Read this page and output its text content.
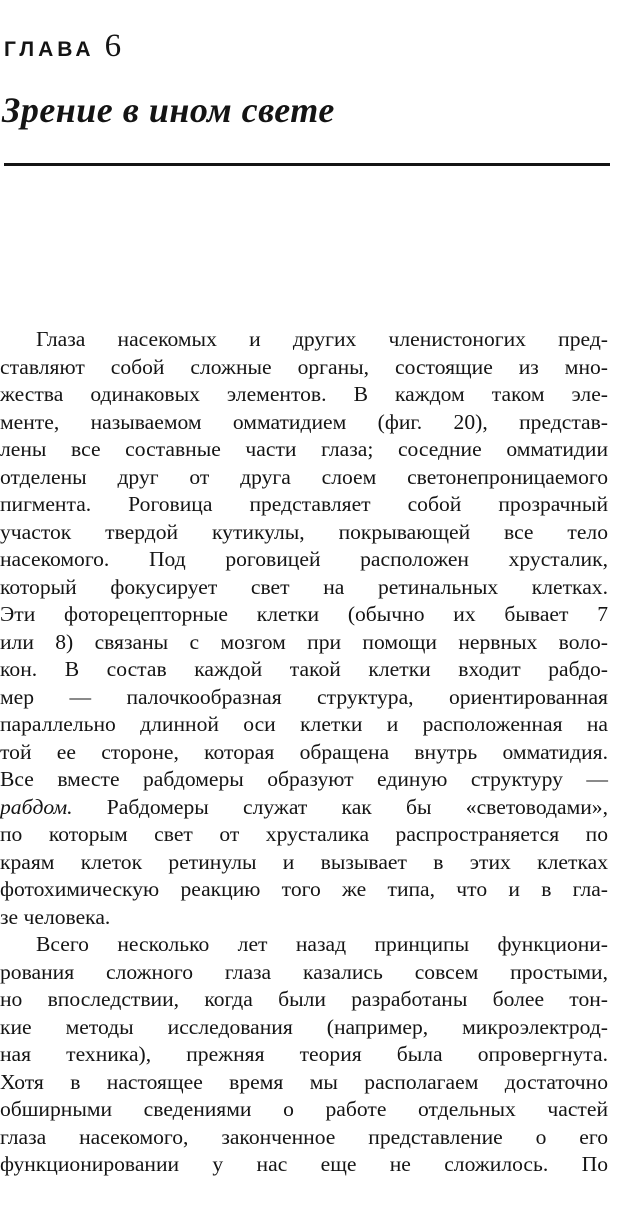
ГЛАВА 6
Зрение в ином свете
Глаза насекомых и других членистоногих пред-
ставляют собой сложные органы, состоящие из мно-
жества одинаковых элементов. В каждом таком эле-
менте, называемом омматидием (фиг. 20), представ-
лены все составные части глаза; соседние омматидии
отделены друг от друга слоем светонепроницаемого
пигмента. Роговица представляет собой прозрачный
участок твердой кутикулы, покрывающей все тело
насекомого. Под роговицей расположен хрусталик,
который фокусирует свет на ретинальных клетках.
Эти фоторецепторные клетки (обычно их бывает 7
или 8) связаны с мозгом при помощи нервных воло-
кон. В состав каждой такой клетки входит рабдо-
мер — палочкообразная структура, ориентированная
параллельно длинной оси клетки и расположенная на
той ее стороне, которая обращена внутрь омматидия.
Все вместе рабдомеры образуют единую структуру —
рабдом. Рабдомеры служат как бы «световодами»,
по которым свет от хрусталика распространяется по
краям клеток ретинулы и вызывает в этих клетках
фотохимическую реакцию того же типа, что и в гла-
зе человека.
Всего несколько лет назад принципы функциони-
рования сложного глаза казались совсем простыми,
но впоследствии, когда были разработаны более тон-
кие методы исследования (например, микроэлектрод-
ная техника), прежняя теория была опровергнута.
Хотя в настоящее время мы располагаем достаточно
обширными сведениями о работе отдельных частей
глаза насекомого, законченное представление о его
функционировании у нас еще не сложилось. По
